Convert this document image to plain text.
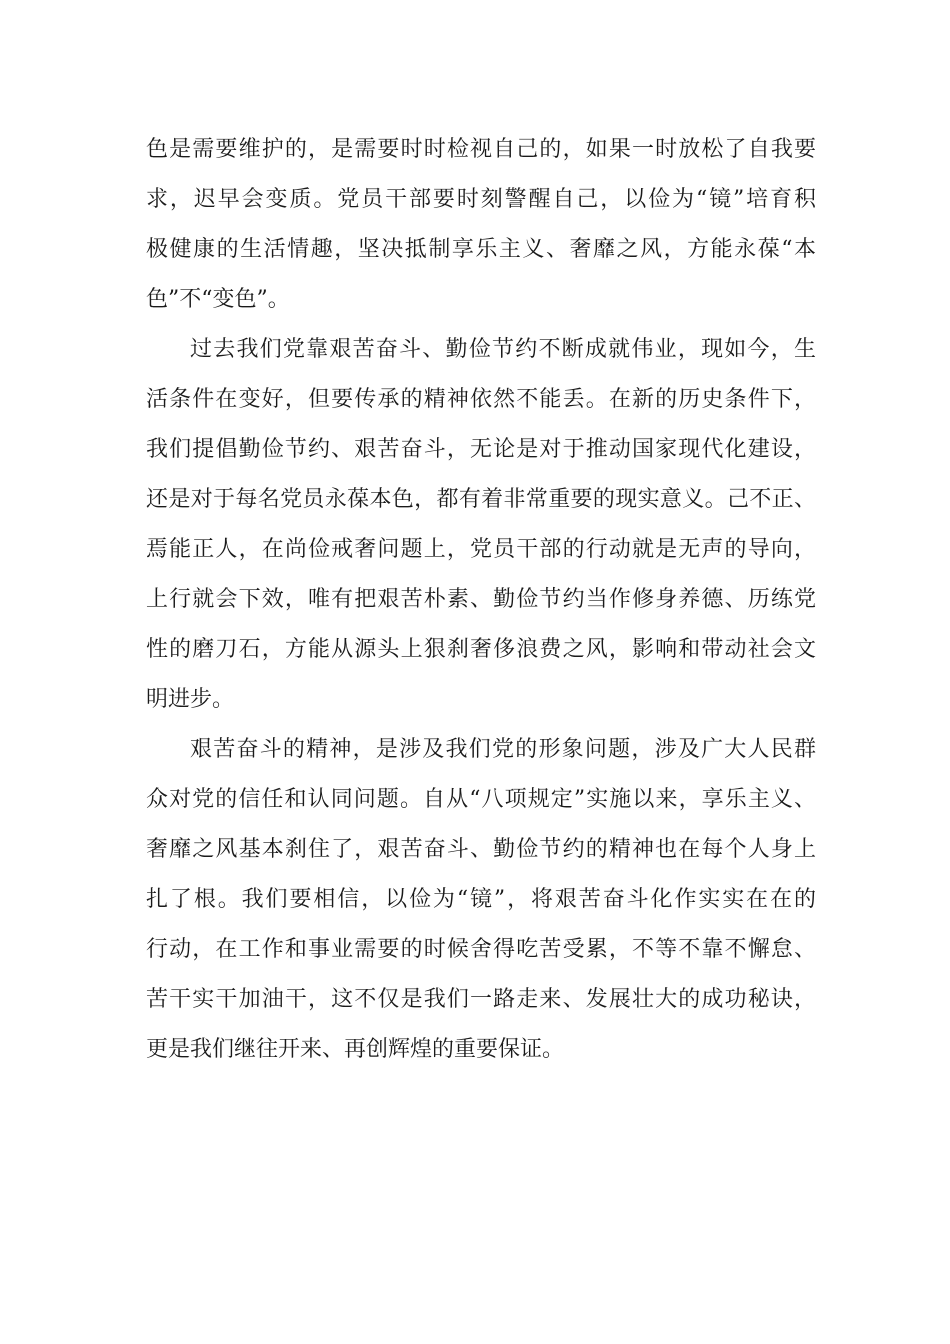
色是需要维护的，是需要时时检视自己的，如果一时放松了自我要
求，迟早会变质。党员干部要时刻警醒自己，以俭为“镜”培育积
极健康的生活情趣，坚决抵制享乐主义、奢靡之风，方能永葆“本
色”不“变色”。
过去我们党靠艰苦奋斗、勤俭节约不断成就伟业，现如今，生
活条件在变好，但要传承的精神依然不能丢。在新的历史条件下，
我们提倡勤俭节约、艰苦奋斗，无论是对于推动国家现代化建设，
还是对于每名党员永葆本色，都有着非常重要的现实意义。己不正、
焉能正人，在尚俭戒奢问题上，党员干部的行动就是无声的导向，
上行就会下效，唯有把艰苦朴素、勤俭节约当作修身养德、历练党
性的磨刀石，方能从源头上狠刹奢侈浪费之风，影响和带动社会文
明进步。
艰苦奋斗的精神，是涉及我们党的形象问题，涉及广大人民群
众对党的信任和认同问题。自从“八项规定”实施以来，享乐主义、
奢靡之风基本刹住了，艰苦奋斗、勤俭节约的精神也在每个人身上
扎了根。我们要相信，以俭为“镜”，将艰苦奋斗化作实实在在的
行动，在工作和事业需要的时候舍得吃苦受累，不等不靠不懈怠、
苦干实干加油干，这不仅是我们一路走来、发展壮大的成功秘诀，
更是我们继往开来、再创辉煌的重要保证。
